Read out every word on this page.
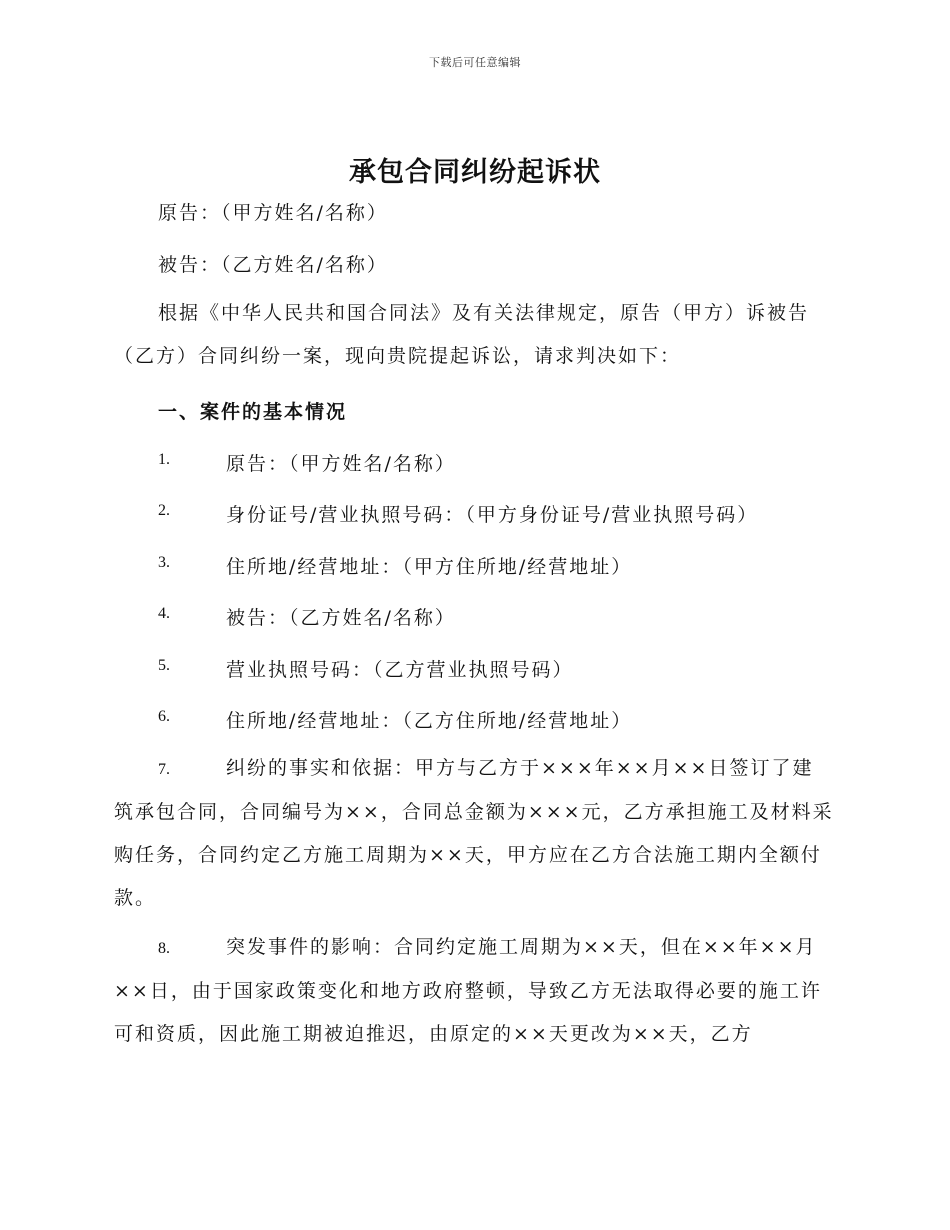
下载后可任意编辑
承包合同纠纷起诉状
原告：（甲方姓名/名称）
被告：（乙方姓名/名称）
根据《中华人民共和国合同法》及有关法律规定，原告（甲方）诉被告（乙方）合同纠纷一案，现向贵院提起诉讼，请求判决如下：
一、案件的基本情况
1.	原告：（甲方姓名/名称）
2.	身份证号/营业执照号码：（甲方身份证号/营业执照号码）
3.	住所地/经营地址：（甲方住所地/经营地址）
4.	被告：（乙方姓名/名称）
5.	营业执照号码：（乙方营业执照号码）
6.	住所地/经营地址：（乙方住所地/经营地址）
7.	纠纷的事实和依据：甲方与乙方于×××年××月××日签订了建筑承包合同，合同编号为××，合同总金额为×××元，乙方承担施工及材料采购任务，合同约定乙方施工周期为××天，甲方应在乙方合法施工期内全额付款。
8.	突发事件的影响：合同约定施工周期为××天，但在××年××月××日，由于国家政策变化和地方政府整顿，导致乙方无法取得必要的施工许可和资质，因此施工期被迫推迟，由原定的××天更改为××天，乙方
